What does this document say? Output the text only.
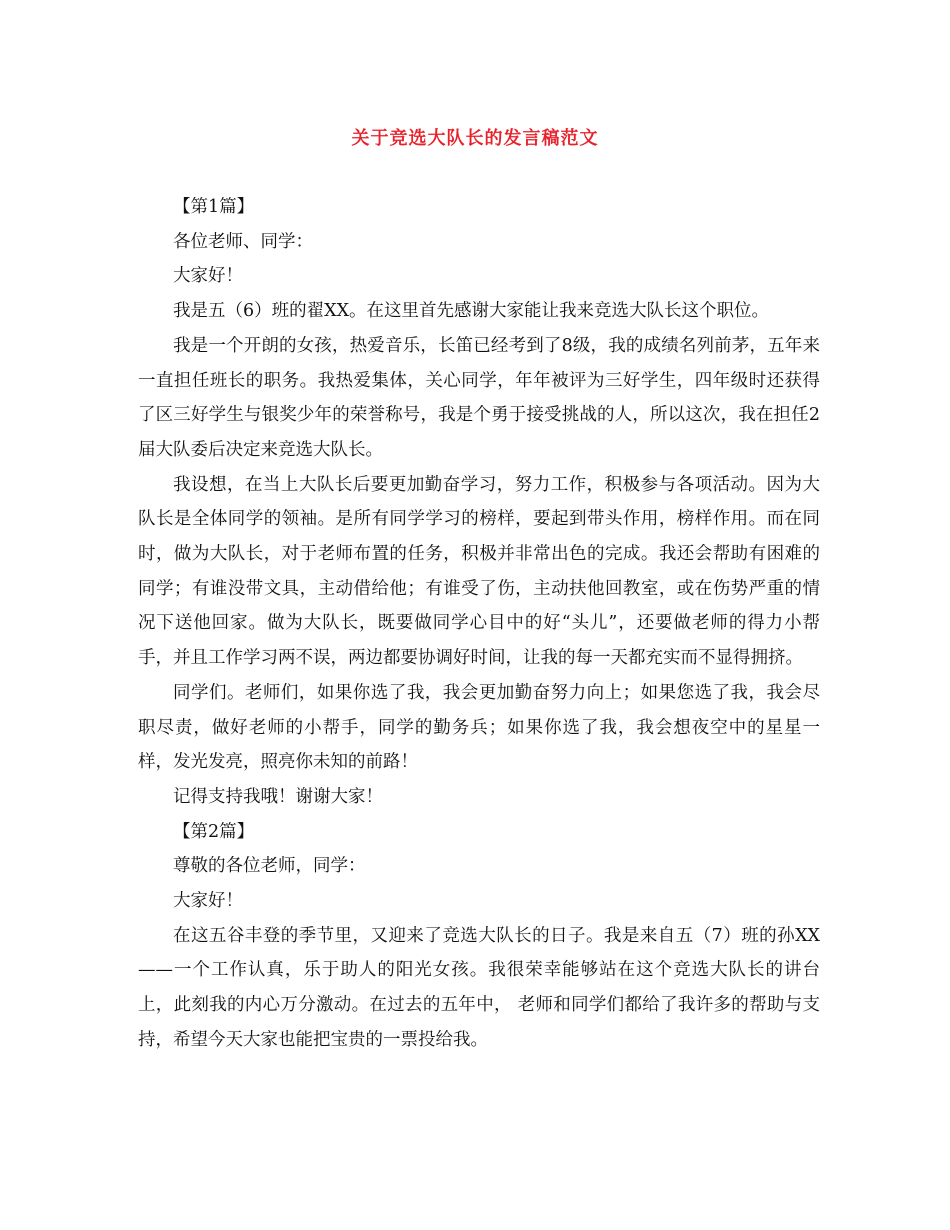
关于竞选大队长的发言稿范文

【第1篇】

各位老师、同学：

大家好！

我是五（6）班的翟XX。在这里首先感谢大家能让我来竞选大队长这个职位。

我是一个开朗的女孩，热爱音乐，长笛已经考到了8级，我的成绩名列前茅，五年来一直担任班长的职务。我热爱集体，关心同学，年年被评为三好学生，四年级时还获得了区三好学生与银奖少年的荣誉称号，我是个勇于接受挑战的人，所以这次，我在担任2届大队委后决定来竞选大队长。

我设想，在当上大队长后要更加勤奋学习，努力工作，积极参与各项活动。因为大队长是全体同学的领袖。是所有同学学习的榜样，要起到带头作用，榜样作用。而在同时，做为大队长，对于老师布置的任务，积极并非常出色的完成。我还会帮助有困难的同学；有谁没带文具，主动借给他；有谁受了伤，主动扶他回教室，或在伤势严重的情况下送他回家。做为大队长，既要做同学心目中的好“头儿”，还要做老师的得力小帮手，并且工作学习两不误，两边都要协调好时间，让我的每一天都充实而不显得拥挤。

同学们。老师们，如果你选了我，我会更加勤奋努力向上；如果您选了我，我会尽职尽责，做好老师的小帮手，同学的勤务兵；如果你选了我，我会想夜空中的星星一样，发光发亮，照亮你未知的前路！

记得支持我哦！谢谢大家！

【第2篇】

尊敬的各位老师，同学：

大家好！

在这五谷丰登的季节里，又迎来了竞选大队长的日子。我是来自五（7）班的孙XX——一个工作认真，乐于助人的阳光女孩。我很荣幸能够站在这个竞选大队长的讲台上，此刻我的内心万分激动。在过去的五年中， 老师和同学们都给了我许多的帮助与支持，希望今天大家也能把宝贵的一票投给我。
